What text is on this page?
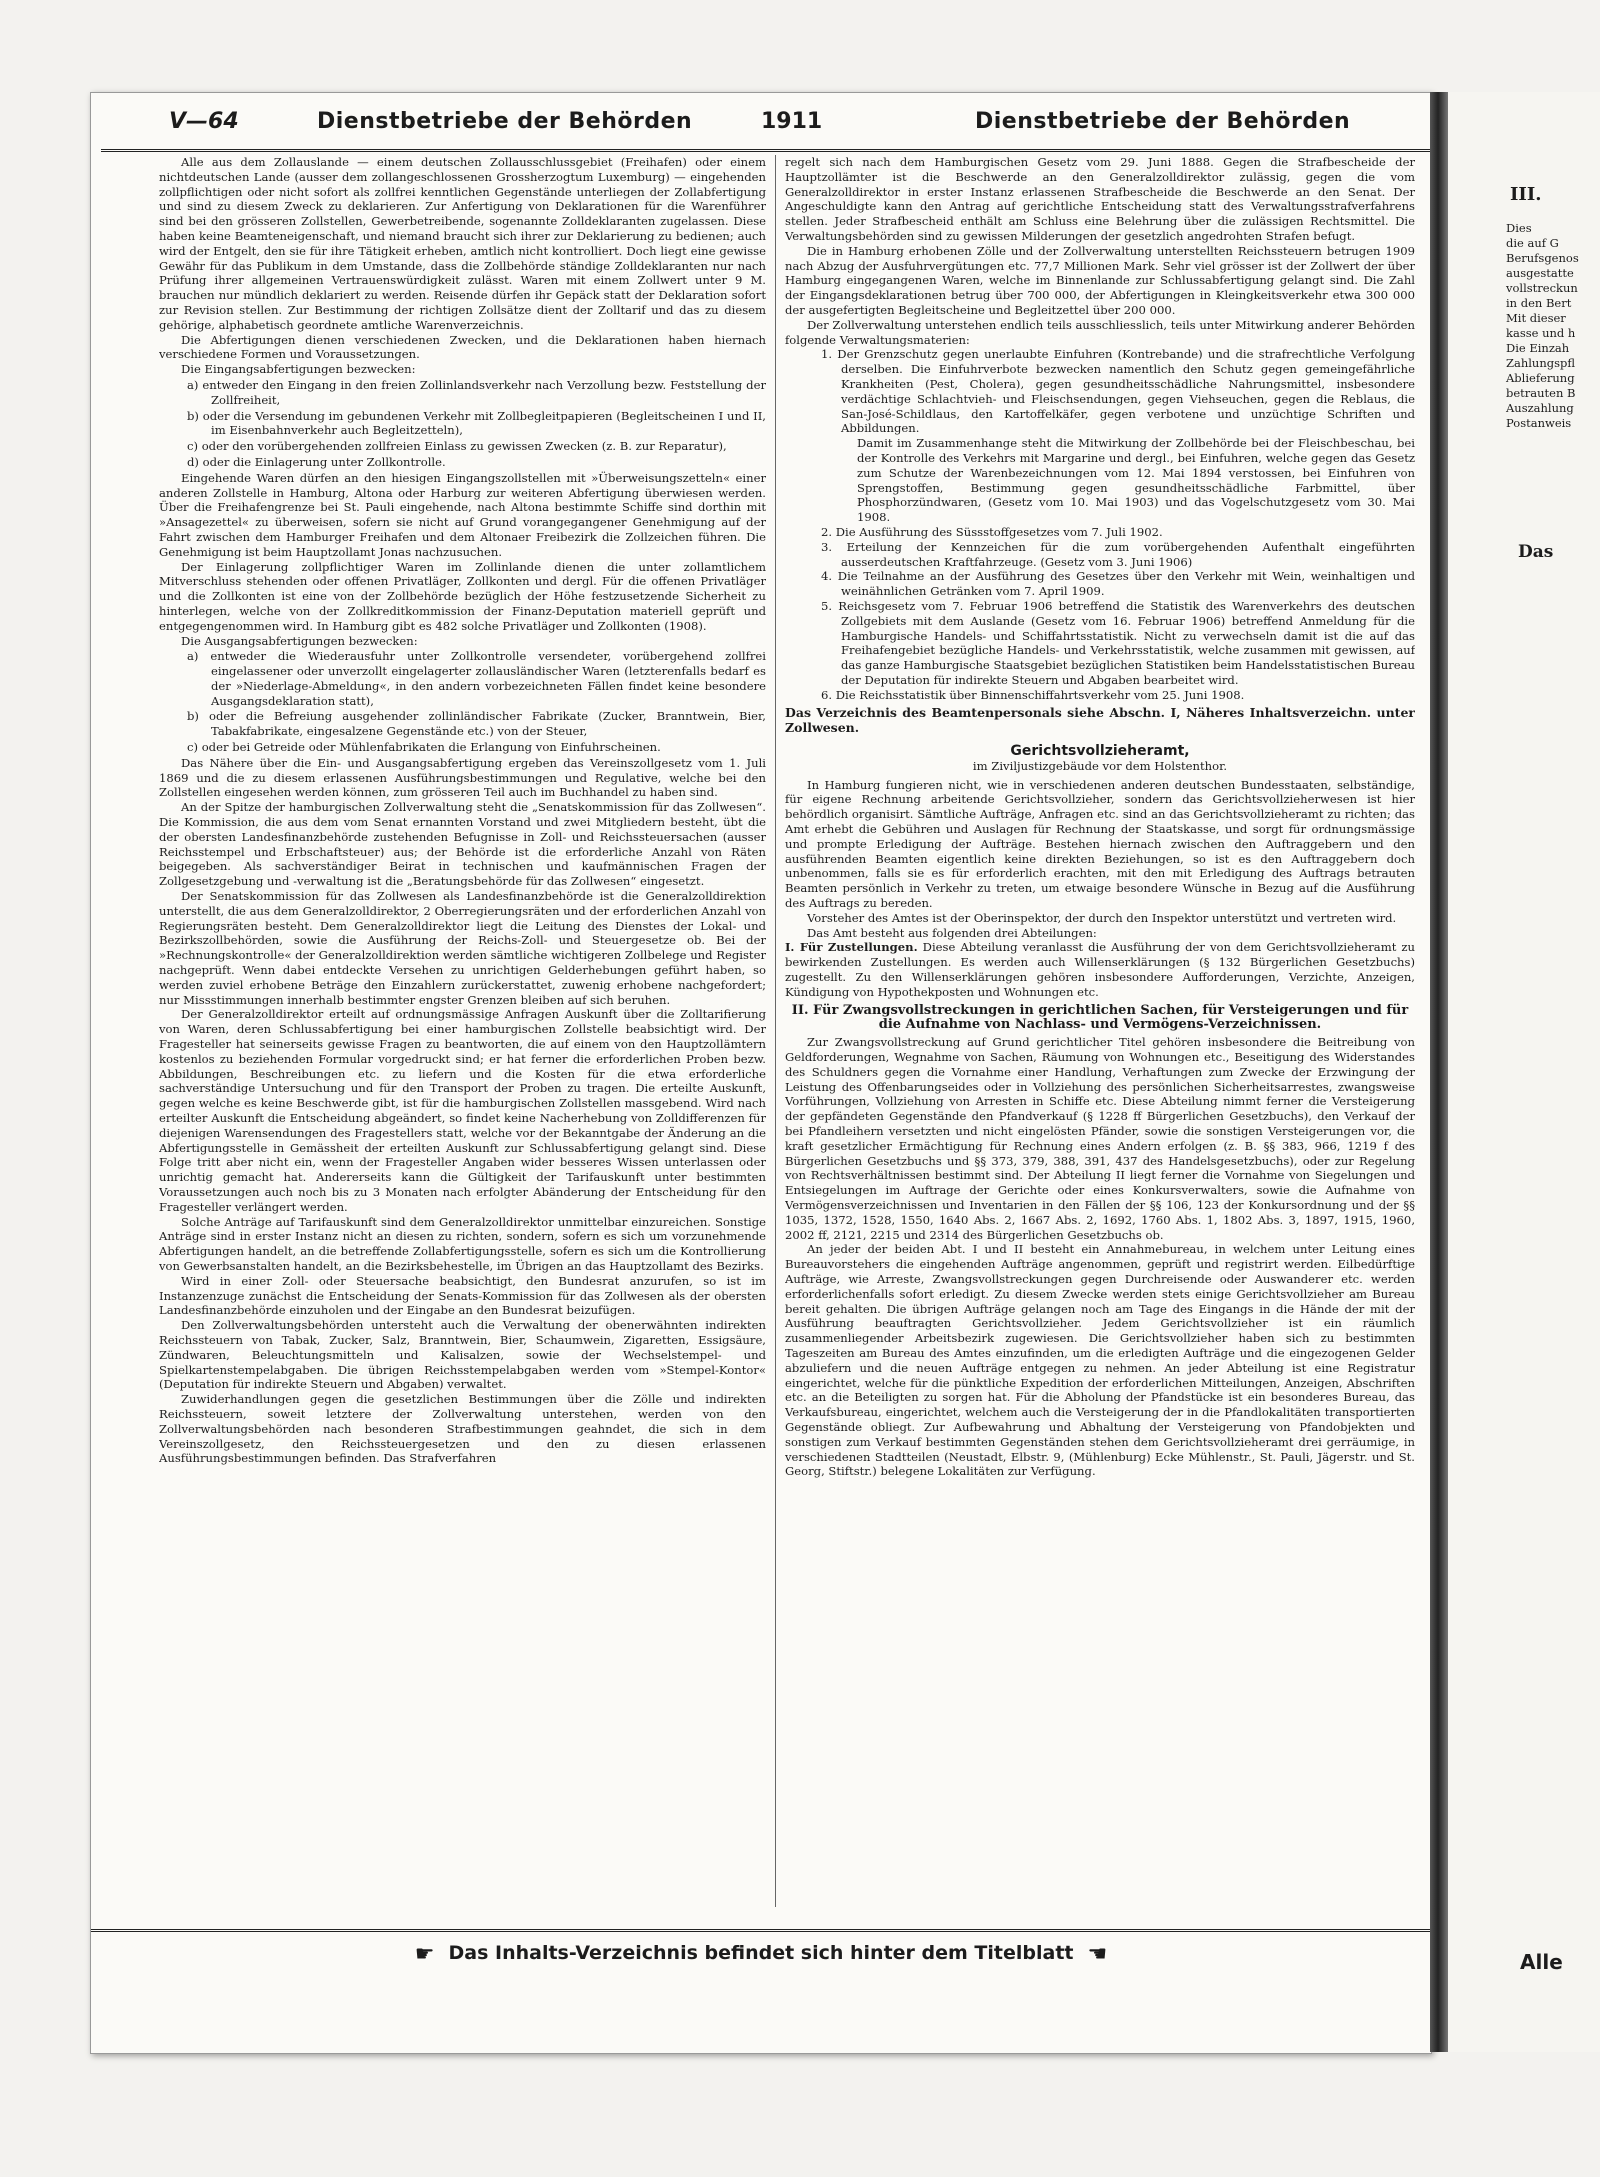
V—64	Dienstbetriebe der Behörden	1911	Dienstbetriebe der Behörden

Alle aus dem Zollauslande — einem deutschen Zollausschlussgebiet (Freihafen) oder einem nichtdeutschen Lande (ausser dem zollangeschlossenen Grossherzogtum Luxemburg) — eingehenden zollpflichtigen oder nicht sofort als zollfrei kenntlichen Gegenstände unterliegen der Zollabfertigung und sind zu diesem Zweck zu deklarieren. Zur Anfertigung von Deklarationen für die Warenführer sind bei den grösseren Zollstellen, Gewerbetreibende, sogenannte Zolldeklaranten zugelassen. Diese haben keine Beamteneigenschaft, und niemand braucht sich ihrer zur Deklarierung zu bedienen; auch wird der Entgelt, den sie für ihre Tätigkeit erheben, amtlich nicht kontrolliert. Doch liegt eine gewisse Gewähr für das Publikum in dem Umstande, dass die Zollbehörde ständige Zolldeklaranten nur nach Prüfung ihrer allgemeinen Vertrauenswürdigkeit zulässt. Waren mit einem Zollwert unter 9 M. brauchen nur mündlich deklariert zu werden. Reisende dürfen ihr Gepäck statt der Deklaration sofort zur Revision stellen. Zur Bestimmung der richtigen Zollsätze dient der Zolltarif und das zu diesem gehörige, alphabetisch geordnete amtliche Warenverzeichnis.

Die Abfertigungen dienen verschiedenen Zwecken, und die Deklarationen haben hiernach verschiedene Formen und Voraussetzungen.

Die Eingangsabfertigungen bezwecken:

a) entweder den Eingang in den freien Zollinlandsverkehr nach Verzollung bezw. Feststellung der Zollfreiheit,

b) oder die Versendung im gebundenen Verkehr mit Zollbegleitpapieren (Begleitscheinen I und II, im Eisenbahnverkehr auch Begleitzetteln),

c) oder den vorübergehenden zollfreien Einlass zu gewissen Zwecken (z. B. zur Reparatur),

d) oder die Einlagerung unter Zollkontrolle.

Eingehende Waren dürfen an den hiesigen Eingangszollstellen mit »Überweisungszetteln« einer anderen Zollstelle in Hamburg, Altona oder Harburg zur weiteren Abfertigung überwiesen werden. Über die Freihafengrenze bei St. Pauli eingehende, nach Altona bestimmte Schiffe sind dorthin mit »Ansagezettel« zu überweisen, sofern sie nicht auf Grund vorangegangener Genehmigung auf der Fahrt zwischen dem Hamburger Freihafen und dem Altonaer Freibezirk die Zollzeichen führen. Die Genehmigung ist beim Hauptzollamt Jonas nachzusuchen.

Der Einlagerung zollpflichtiger Waren im Zollinlande dienen die unter zollamtlichem Mitverschluss stehenden oder offenen Privatläger, Zollkonten und dergl. Für die offenen Privatläger und die Zollkonten ist eine von der Zollbehörde bezüglich der Höhe festzusetzende Sicherheit zu hinterlegen, welche von der Zollkreditkommission der Finanz-Deputation materiell geprüft und entgegengenommen wird. In Hamburg gibt es 482 solche Privatläger und Zollkonten (1908).

Die Ausgangsabfertigungen bezwecken:

a) entweder die Wiederausfuhr unter Zollkontrolle versendeter, vorübergehend zollfrei eingelassener oder unverzollt eingelagerter zollausländischer Waren (letzterenfalls bedarf es der »Niederlage-Abmeldung«, in den andern vorbezeichneten Fällen findet keine besondere Ausgangsdeklaration statt),

b) oder die Befreiung ausgehender zollinländischer Fabrikate (Zucker, Branntwein, Bier, Tabakfabrikate, eingesalzene Gegenstände etc.) von der Steuer,

c) oder bei Getreide oder Mühlenfabrikaten die Erlangung von Einfuhrscheinen.

Das Nähere über die Ein- und Ausgangsabfertigung ergeben das Vereinszollgesetz vom 1. Juli 1869 und die zu diesem erlassenen Ausführungsbestimmungen und Regulative, welche bei den Zollstellen eingesehen werden können, zum grösseren Teil auch im Buchhandel zu haben sind.

An der Spitze der hamburgischen Zollverwaltung steht die „Senatskommission für das Zollwesen“. Die Kommission, die aus dem vom Senat ernannten Vorstand und zwei Mitgliedern besteht, übt die der obersten Landesfinanzbehörde zustehenden Befugnisse in Zoll- und Reichssteuersachen (ausser Reichsstempel und Erbschaftsteuer) aus; der Behörde ist die erforderliche Anzahl von Räten beigegeben. Als sachverständiger Beirat in technischen und kaufmännischen Fragen der Zollgesetzgebung und -verwaltung ist die „Beratungsbehörde für das Zollwesen“ eingesetzt.

Der Senatskommission für das Zollwesen als Landesfinanzbehörde ist die Generalzolldirektion unterstellt, die aus dem Generalzolldirektor, 2 Oberregierungsräten und der erforderlichen Anzahl von Regierungsräten besteht. Dem Generalzolldirektor liegt die Leitung des Dienstes der Lokal- und Bezirkszollbehörden, sowie die Ausführung der Reichs-Zoll- und Steuergesetze ob. Bei der »Rechnungskontrolle« der Generalzolldirektion werden sämtliche wichtigeren Zollbelege und Register nachgeprüft. Wenn dabei entdeckte Versehen zu unrichtigen Gelderhebungen geführt haben, so werden zuviel erhobene Beträge den Einzahlern zurückerstattet, zuwenig erhobene nachgefordert; nur Missstimmungen innerhalb bestimmter engster Grenzen bleiben auf sich beruhen.

Der Generalzolldirektor erteilt auf ordnungsmässige Anfragen Auskunft über die Zolltarifierung von Waren, deren Schlussabfertigung bei einer hamburgischen Zollstelle beabsichtigt wird. Der Fragesteller hat seinerseits gewisse Fragen zu beantworten, die auf einem von den Hauptzollämtern kostenlos zu beziehenden Formular vorgedruckt sind; er hat ferner die erforderlichen Proben bezw. Abbildungen, Beschreibungen etc. zu liefern und die Kosten für die etwa erforderliche sachverständige Untersuchung und für den Transport der Proben zu tragen. Die erteilte Auskunft, gegen welche es keine Beschwerde gibt, ist für die hamburgischen Zollstellen massgebend. Wird nach erteilter Auskunft die Entscheidung abgeändert, so findet keine Nacherhebung von Zolldifferenzen für diejenigen Warensendungen des Fragestellers statt, welche vor der Bekanntgabe der Änderung an die Abfertigungsstelle in Gemässheit der erteilten Auskunft zur Schlussabfertigung gelangt sind. Diese Folge tritt aber nicht ein, wenn der Fragesteller Angaben wider besseres Wissen unterlassen oder unrichtig gemacht hat. Andererseits kann die Gültigkeit der Tarifauskunft unter bestimmten Voraussetzungen auch noch bis zu 3 Monaten nach erfolgter Abänderung der Entscheidung für den Fragesteller verlängert werden.

Solche Anträge auf Tarifauskunft sind dem Generalzolldirektor unmittelbar einzureichen. Sonstige Anträge sind in erster Instanz nicht an diesen zu richten, sondern, sofern es sich um vorzunehmende Abfertigungen handelt, an die betreffende Zollabfertigungsstelle, sofern es sich um die Kontrollierung von Gewerbsanstalten handelt, an die Bezirksbehestelle, im Übrigen an das Hauptzollamt des Bezirks.

Wird in einer Zoll- oder Steuersache beabsichtigt, den Bundesrat anzurufen, so ist im Instanzenzuge zunächst die Entscheidung der Senats-Kommission für das Zollwesen als der obersten Landesfinanzbehörde einzuholen und der Eingabe an den Bundesrat beizufügen.

Den Zollverwaltungsbehörden untersteht auch die Verwaltung der obenerwähnten indirekten Reichssteuern von Tabak, Zucker, Salz, Branntwein, Bier, Schaumwein, Zigaretten, Essigsäure, Zündwaren, Beleuchtungsmitteln und Kalisalzen, sowie der Wechselstempel- und Spielkartenstempelabgaben. Die übrigen Reichsstempelabgaben werden vom »Stempel-Kontor« (Deputation für indirekte Steuern und Abgaben) verwaltet.

Zuwiderhandlungen gegen die gesetzlichen Bestimmungen über die Zölle und indirekten Reichssteuern, soweit letztere der Zollverwaltung unterstehen, werden von den Zollverwaltungsbehörden nach besonderen Strafbestimmungen geahndet, die sich in dem Vereinszollgesetz, den Reichssteuergesetzen und den zu diesen erlassenen Ausführungsbestimmungen befinden. Das Strafverfahren

regelt sich nach dem Hamburgischen Gesetz vom 29. Juni 1888. Gegen die Strafbescheide der Hauptzollämter ist die Beschwerde an den Generalzolldirektor zulässig, gegen die vom Generalzolldirektor in erster Instanz erlassenen Strafbescheide die Beschwerde an den Senat. Der Angeschuldigte kann den Antrag auf gerichtliche Entscheidung statt des Verwaltungsstrafverfahrens stellen. Jeder Strafbescheid enthält am Schluss eine Belehrung über die zulässigen Rechtsmittel. Die Verwaltungsbehörden sind zu gewissen Milderungen der gesetzlich angedrohten Strafen befugt.

Die in Hamburg erhobenen Zölle und der Zollverwaltung unterstellten Reichssteuern betrugen 1909 nach Abzug der Ausfuhrvergütungen etc. 77,7 Millionen Mark. Sehr viel grösser ist der Zollwert der über Hamburg eingegangenen Waren, welche im Binnenlande zur Schlussabfertigung gelangt sind. Die Zahl der Eingangsdeklarationen betrug über 700 000, der Abfertigungen in Kleingkeitsverkehr etwa 300 000 der ausgefertigten Begleitscheine und Begleitzettel über 200 000.

Der Zollverwaltung unterstehen endlich teils ausschliesslich, teils unter Mitwirkung anderer Behörden folgende Verwaltungsmaterien:

1. Der Grenzschutz gegen unerlaubte Einfuhren (Kontrebande) und die strafrechtliche Verfolgung derselben. Die Einfuhrverbote bezwecken namentlich den Schutz gegen gemeingefährliche Krankheiten (Pest, Cholera), gegen gesundheitsschädliche Nahrungsmittel, insbesondere verdächtige Schlachtvieh- und Fleischsendungen, gegen Viehseuchen, gegen die Reblaus, die San-José-Schildlaus, den Kartoffelkäfer, gegen verbotene und unzüchtige Schriften und Abbildungen.

Damit im Zusammenhange steht die Mitwirkung der Zollbehörde bei der Fleischbeschau, bei der Kontrolle des Verkehrs mit Margarine und dergl., bei Einfuhren, welche gegen das Gesetz zum Schutze der Warenbezeichnungen vom 12. Mai 1894 verstossen, bei Einfuhren von Sprengstoffen, Bestimmung gegen gesundheitsschädliche Farbmittel, über Phosphorzündwaren, (Gesetz vom 10. Mai 1903) und das Vogelschutzgesetz vom 30. Mai 1908.

2. Die Ausführung des Süssstoffgesetzes vom 7. Juli 1902.

3. Erteilung der Kennzeichen für die zum vorübergehenden Aufenthalt eingeführten ausserdeutschen Kraftfahrzeuge. (Gesetz vom 3. Juni 1906)

4. Die Teilnahme an der Ausführung des Gesetzes über den Verkehr mit Wein, weinhaltigen und weinähnlichen Getränken vom 7. April 1909.

5. Reichsgesetz vom 7. Februar 1906 betreffend die Statistik des Warenverkehrs des deutschen Zollgebiets mit dem Auslande (Gesetz vom 16. Februar 1906) betreffend Anmeldung für die Hamburgische Handels- und Schiffahrtsstatistik. Nicht zu verwechseln damit ist die auf das Freihafengebiet bezügliche Handels- und Verkehrsstatistik, welche zusammen mit gewissen, auf das ganze Hamburgische Staatsgebiet bezüglichen Statistiken beim Handelsstatistischen Bureau der Deputation für indirekte Steuern und Abgaben bearbeitet wird.

6. Die Reichsstatistik über Binnenschiffahrtsverkehr vom 25. Juni 1908.

Das Verzeichnis des Beamtenpersonals siehe Abschn. I, Näheres Inhaltsverzeichn. unter Zollwesen.

Gerichtsvollzieheramt,

im Ziviljustizgebäude vor dem Holstenthor.

In Hamburg fungieren nicht, wie in verschiedenen anderen deutschen Bundesstaaten, selbständige, für eigene Rechnung arbeitende Gerichtsvollzieher, sondern das Gerichtsvollzieherwesen ist hier behördlich organisirt. Sämtliche Aufträge, Anfragen etc. sind an das Gerichtsvollzieheramt zu richten; das Amt erhebt die Gebühren und Auslagen für Rechnung der Staatskasse, und sorgt für ordnungsmässige und prompte Erledigung der Aufträge. Bestehen hiernach zwischen den Auftraggebern und den ausführenden Beamten eigentlich keine direkten Beziehungen, so ist es den Auftraggebern doch unbenommen, falls sie es für erforderlich erachten, mit den mit Erledigung des Auftrags betrauten Beamten persönlich in Verkehr zu treten, um etwaige besondere Wünsche in Bezug auf die Ausführung des Auftrags zu bereden.

Vorsteher des Amtes ist der Oberinspektor, der durch den Inspektor unterstützt und vertreten wird.

Das Amt besteht aus folgenden drei Abteilungen:

I. Für Zustellungen. Diese Abteilung veranlasst die Ausführung der von dem Gerichtsvollzieheramt zu bewirkenden Zustellungen. Es werden auch Willenserklärungen (§ 132 Bürgerlichen Gesetzbuchs) zugestellt. Zu den Willenserklärungen gehören insbesondere Aufforderungen, Verzichte, Anzeigen, Kündigung von Hypothekposten und Wohnungen etc.

II. Für Zwangsvollstreckungen in gerichtlichen Sachen, für Versteigerungen und für die Aufnahme von Nachlass- und Vermögens-Verzeichnissen.

Zur Zwangsvollstreckung auf Grund gerichtlicher Titel gehören insbesondere die Beitreibung von Geldforderungen, Wegnahme von Sachen, Räumung von Wohnungen etc., Beseitigung des Widerstandes des Schuldners gegen die Vornahme einer Handlung, Verhaftungen zum Zwecke der Erzwingung der Leistung des Offenbarungseides oder in Vollziehung des persönlichen Sicherheitsarrestes, zwangsweise Vorführungen, Vollziehung von Arresten in Schiffe etc. Diese Abteilung nimmt ferner die Versteigerung der gepfändeten Gegenstände den Pfandverkauf (§ 1228 ff Bürgerlichen Gesetzbuchs), den Verkauf der bei Pfandleihern versetzten und nicht eingelösten Pfänder, sowie die sonstigen Versteigerungen vor, die kraft gesetzlicher Ermächtigung für Rechnung eines Andern erfolgen (z. B. §§ 383, 966, 1219 f des Bürgerlichen Gesetzbuchs und §§ 373, 379, 388, 391, 437 des Handelsgesetzbuchs), oder zur Regelung von Rechtsverhältnissen bestimmt sind. Der Abteilung II liegt ferner die Vornahme von Siegelungen und Entsiegelungen im Auftrage der Gerichte oder eines Konkursverwalters, sowie die Aufnahme von Vermögensverzeichnissen und Inventarien in den Fällen der §§ 106, 123 der Konkursordnung und der §§ 1035, 1372, 1528, 1550, 1640 Abs. 2, 1667 Abs. 2, 1692, 1760 Abs. 1, 1802 Abs. 3, 1897, 1915, 1960, 2002 ff, 2121, 2215 und 2314 des Bürgerlichen Gesetzbuchs ob.

An jeder der beiden Abt. I und II besteht ein Annahmebureau, in welchem unter Leitung eines Bureauvorstehers die eingehenden Aufträge angenommen, geprüft und registrirt werden. Eilbedürftige Aufträge, wie Arreste, Zwangsvollstreckungen gegen Durchreisende oder Auswanderer etc. werden erforderlichenfalls sofort erledigt. Zu diesem Zwecke werden stets einige Gerichtsvollzieher am Bureau bereit gehalten. Die übrigen Aufträge gelangen noch am Tage des Eingangs in die Hände der mit der Ausführung beauftragten Gerichtsvollzieher. Jedem Gerichtsvollzieher ist ein räumlich zusammenliegender Arbeitsbezirk zugewiesen. Die Gerichtsvollzieher haben sich zu bestimmten Tageszeiten am Bureau des Amtes einzufinden, um die erledigten Aufträge und die eingezogenen Gelder abzuliefern und die neuen Aufträge entgegen zu nehmen. An jeder Abteilung ist eine Registratur eingerichtet, welche für die pünktliche Expedition der erforderlichen Mitteilungen, Anzeigen, Abschriften etc. an die Beteiligten zu sorgen hat. Für die Abholung der Pfandstücke ist ein besonderes Bureau, das Verkaufsbureau, eingerichtet, welchem auch die Versteigerung der in die Pfandlokalitäten transportierten Gegenstände obliegt. Zur Aufbewahrung und Abhaltung der Versteigerung von Pfandobjekten und sonstigen zum Verkauf bestimmten Gegenständen stehen dem Gerichtsvollzieheramt drei gerräumige, in verschiedenen Stadtteilen (Neustadt, Elbstr. 9, (Mühlenburg) Ecke Mühlenstr., St. Pauli, Jägerstr. und St. Georg, Stiftstr.) belegene Lokalitäten zur Verfügung.

☛ Das Inhalts-Verzeichnis befindet sich hinter dem Titelblatt ☚
III.
Dies
die auf G
Berufsgenos
ausgestatte
vollstreckun
in den Bert
Mit dieser
kasse und h
Die Einzah
Zahlungspfl
Ablieferung
betrauten B
Auszahlung
Postanweis
Das
Alle
